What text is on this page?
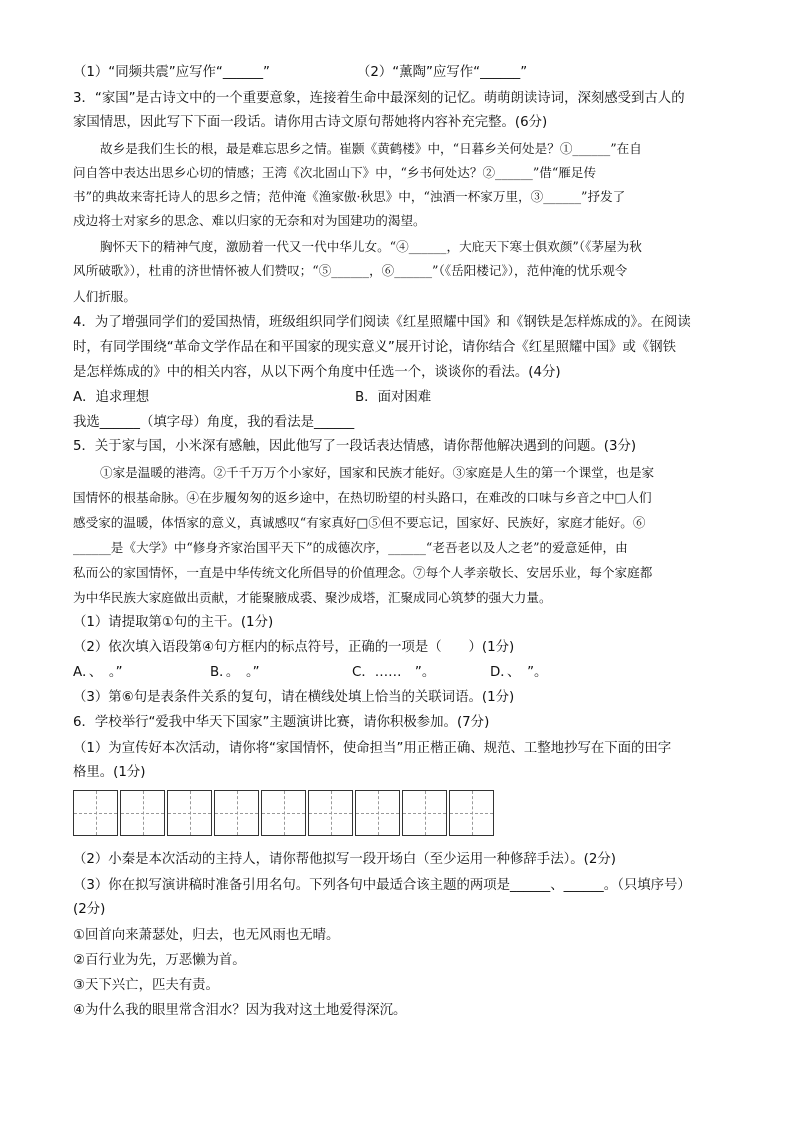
（1）“同频共震”应写作“______”	（2）“薰陶”应写作“______”
3．“家国”是古诗文中的一个重要意象，连接着生命中最深刻的记忆。萌萌朗读诗词，深刻感受到古人的
家国情思，因此写下下面一段话。请你用古诗文原句帮她将内容补充完整。(6分)
故乡是我们生长的根，最是难忘思乡之情。崔颢《黄鹤楼》中，“日暮乡关何处是？①______”在自
问自答中表达出思乡心切的情感；王湾《次北固山下》中，“乡书何处达？②______”借“雁足传
书”的典故来寄托诗人的思乡之情；范仲淹《渔家傲·秋思》中，“浊酒一杯家万里，③______”抒发了
戍边将士对家乡的思念、难以归家的无奈和对为国建功的渴望。
胸怀天下的精神气度，激励着一代又一代中华儿女。“④______，大庇天下寒士俱欢颜”（《茅屋为秋
风所破歌》），杜甫的济世情怀被人们赞叹；“⑤______，⑥______”（《岳阳楼记》），范仲淹的忧乐观令
人们折服。
4．为了增强同学们的爱国热情，班级组织同学们阅读《红星照耀中国》和《钢铁是怎样炼成的》。在阅读
时，有同学围绕“革命文学作品在和平国家的现实意义”展开讨论，请你结合《红星照耀中国》或《钢铁
是怎样炼成的》中的相关内容，从以下两个角度中任选一个，谈谈你的看法。(4分)
A．追求理想	B．面对困难
我选______（填字母）角度，我的看法是______
5．关于家与国，小米深有感触，因此他写了一段话表达情感，请你帮他解决遇到的问题。(3分)
①家是温暖的港湾。②千千万万个小家好，国家和民族才能好。③家庭是人生的第一个课堂，也是家
国情怀的根基命脉。④在步履匆匆的返乡途中，在热切盼望的村头路口，在难改的口味与乡音之中□人们
感受家的温暖，体悟家的意义，真诚感叹“有家真好□⑤但不要忘记，国家好、民族好，家庭才能好。⑥
______是《大学》中“修身齐家治国平天下”的成德次序，______“老吾老以及人之老”的爱意延伸，由
私而公的家国情怀，一直是中华传统文化所倡导的价值理念。⑦每个人孝亲敬长、安居乐业，每个家庭都
为中华民族大家庭做出贡献，才能聚腋成裘、聚沙成塔，汇聚成同心筑梦的强大力量。
（1）请提取第①句的主干。(1分)
（2）依次填入语段第④句方框内的标点符号，正确的一项是（　　）(1分)
A．、　。”	B．。　。”	C．……　”。	D．、　”。
（3）第⑥句是表条件关系的复句，请在横线处填上恰当的关联词语。(1分)
6．学校举行“爱我中华天下国家”主题演讲比赛，请你积极参加。(7分)
（1）为宣传好本次活动，请你将“家国情怀，使命担当”用正楷正确、规范、工整地抄写在下面的田字
格里。(1分)
（2）小秦是本次活动的主持人，请你帮他拟写一段开场白（至少运用一种修辞手法）。(2分)
（3）你在拟写演讲稿时准备引用名句。下列各句中最适合该主题的两项是______、______。（只填序号）
(2分)
①回首向来萧瑟处，归去，也无风雨也无晴。
②百行业为先，万恶懒为首。
③天下兴亡，匹夫有责。
④为什么我的眼里常含泪水？因为我对这土地爱得深沉。
